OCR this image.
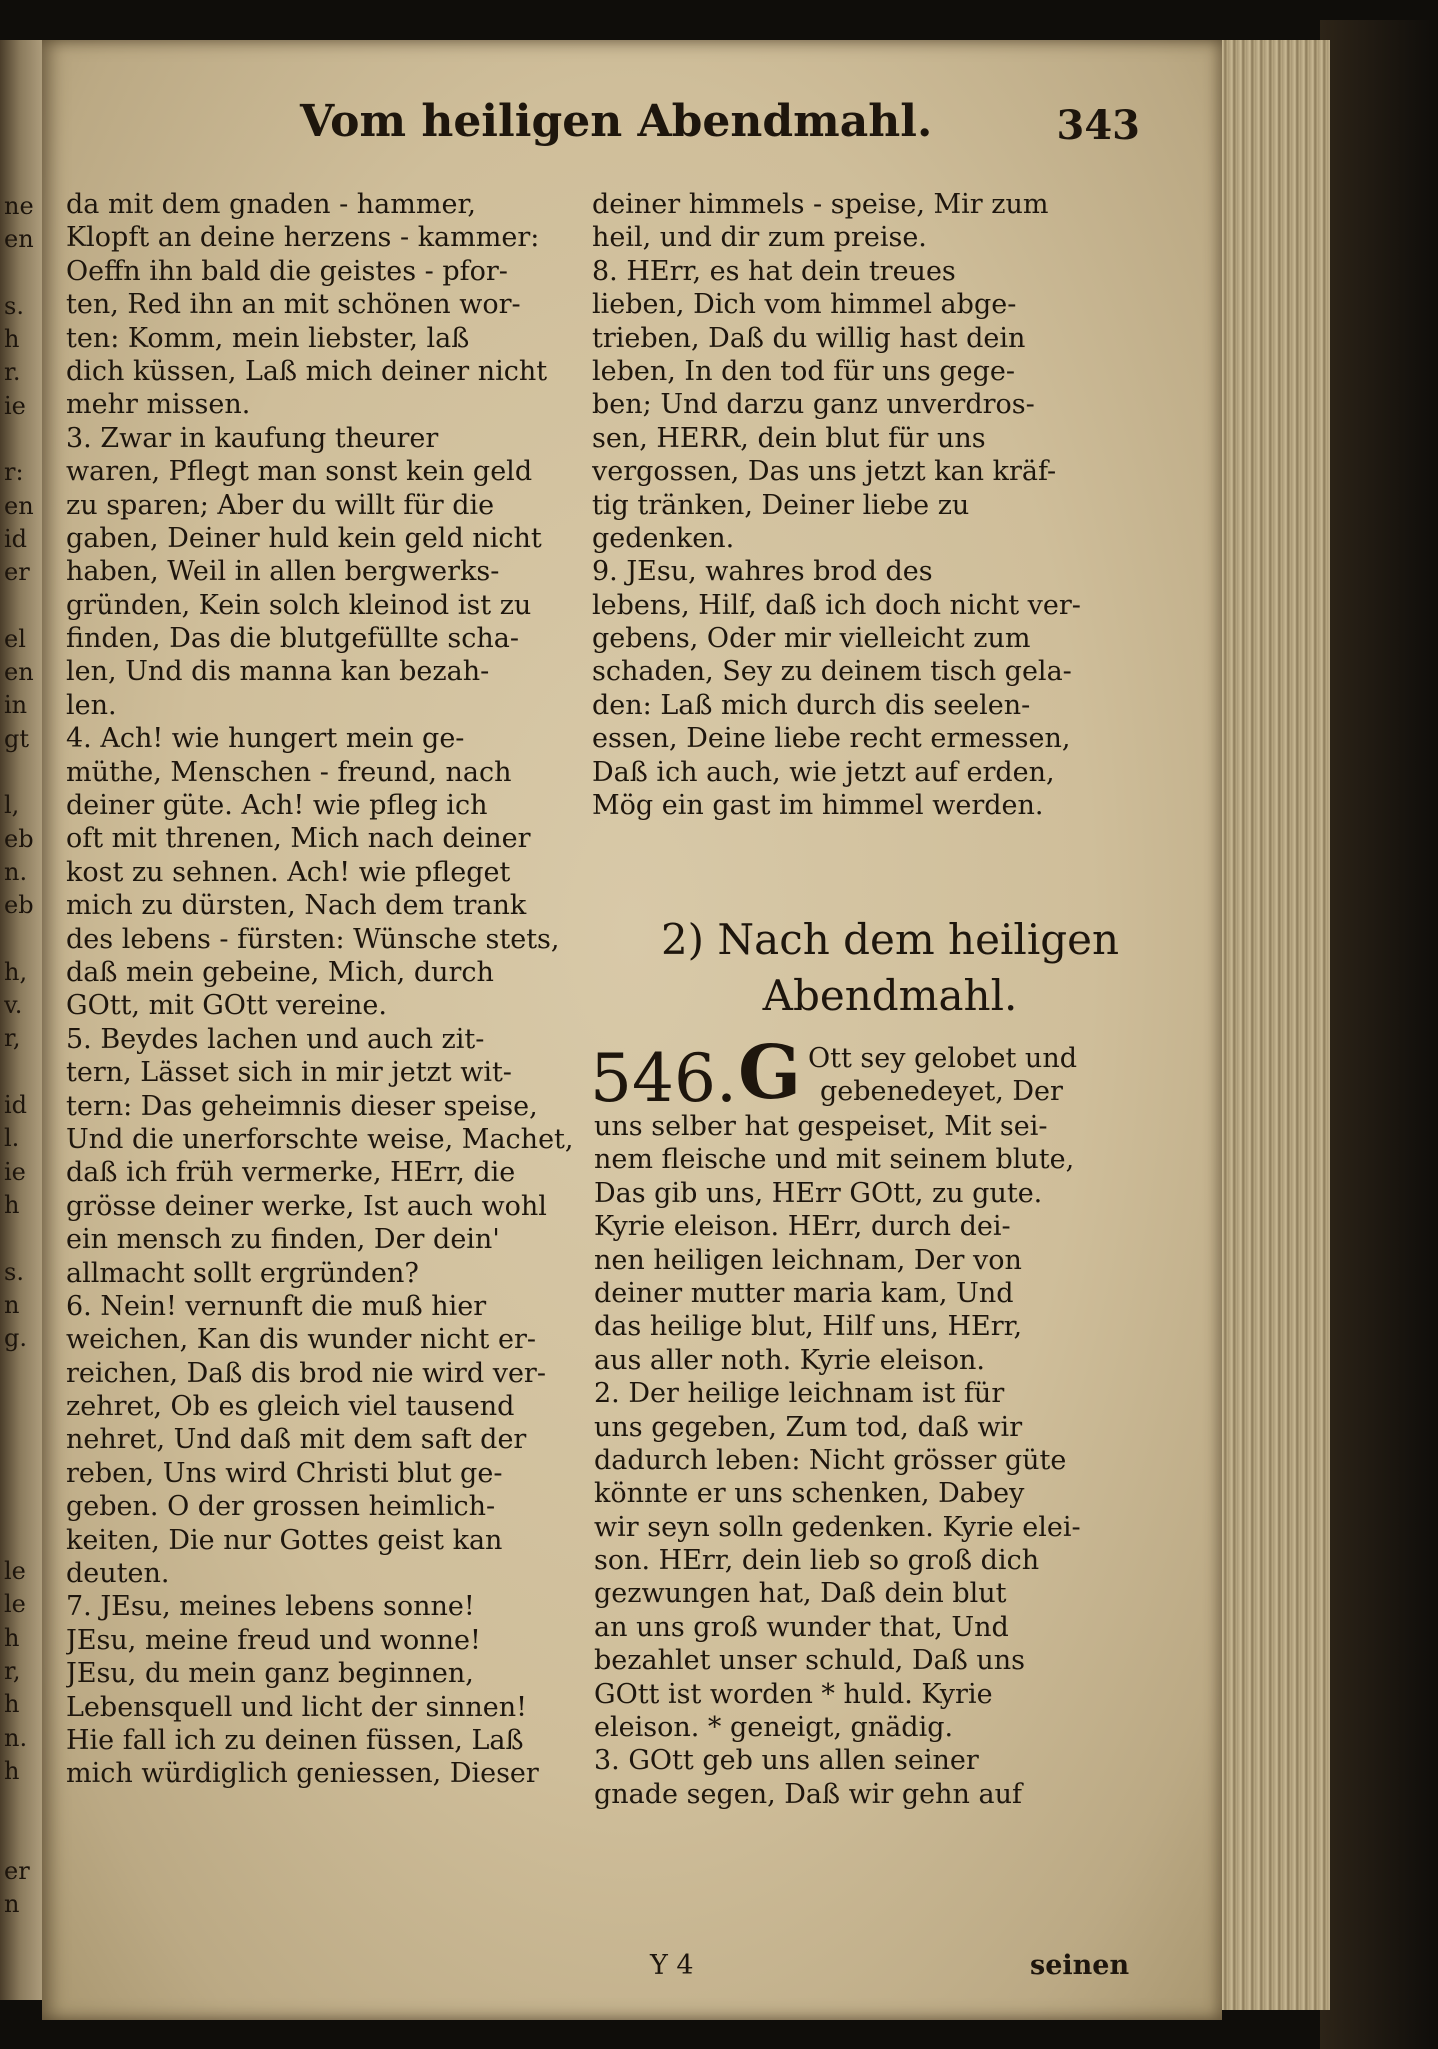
ne
en
s.
h
r.
ie
r:
en
id
er
el
en
in
gt
l,
eb
n.
eb
h,
v.
r,
id
l.
ie
h
s.
n
g.
le
le
h
r,
h
n.
h
er
n
Vom heiligen Abendmahl.	343
da mit dem gnaden - hammer,
Klopft an deine herzens - kammer:
Oeffn ihn bald die geistes - pfor-
ten, Red ihn an mit schönen wor-
ten: Komm, mein liebster, laß
dich küssen, Laß mich deiner nicht
mehr missen.
3. Zwar in kaufung theurer
waren, Pflegt man sonst kein geld
zu sparen; Aber du willt für die
gaben, Deiner huld kein geld nicht
haben, Weil in allen bergwerks-
gründen, Kein solch kleinod ist zu
finden, Das die blutgefüllte scha-
len, Und dis manna kan bezah-
len.
4. Ach! wie hungert mein ge-
müthe, Menschen - freund, nach
deiner güte. Ach! wie pfleg ich
oft mit threnen, Mich nach deiner
kost zu sehnen. Ach! wie pfleget
mich zu dürsten, Nach dem trank
des lebens - fürsten: Wünsche stets,
daß mein gebeine, Mich, durch
GOtt, mit GOtt vereine.
5. Beydes lachen und auch zit-
tern, Lässet sich in mir jetzt wit-
tern: Das geheimnis dieser speise,
Und die unerforschte weise, Machet,
daß ich früh vermerke, HErr, die
grösse deiner werke, Ist auch wohl
ein mensch zu finden, Der dein'
allmacht sollt ergründen?
6. Nein! vernunft die muß hier
weichen, Kan dis wunder nicht er-
reichen, Daß dis brod nie wird ver-
zehret, Ob es gleich viel tausend
nehret, Und daß mit dem saft der
reben, Uns wird Christi blut ge-
geben. O der grossen heimlich-
keiten, Die nur Gottes geist kan
deuten.
7. JEsu, meines lebens sonne!
JEsu, meine freud und wonne!
JEsu, du mein ganz beginnen,
Lebensquell und licht der sinnen!
Hie fall ich zu deinen füssen, Laß
mich würdiglich geniessen, Dieser
deiner himmels - speise, Mir zum
heil, und dir zum preise.
8. HErr, es hat dein treues
lieben, Dich vom himmel abge-
trieben, Daß du willig hast dein
leben, In den tod für uns gege-
ben; Und darzu ganz unverdros-
sen, HERR, dein blut für uns
vergossen, Das uns jetzt kan kräf-
tig tränken, Deiner liebe zu
gedenken.
9. JEsu, wahres brod des
lebens, Hilf, daß ich doch nicht ver-
gebens, Oder mir vielleicht zum
schaden, Sey zu deinem tisch gela-
den: Laß mich durch dis seelen-
essen, Deine liebe recht ermessen,
Daß ich auch, wie jetzt auf erden,
Mög ein gast im himmel werden.
2) Nach dem heiligen
Abendmahl.
546. G Ott sey gelobet und
gebenedeyet, Der
uns selber hat gespeiset, Mit sei-
nem fleische und mit seinem blute,
Das gib uns, HErr GOtt, zu gute.
Kyrie eleison. HErr, durch dei-
nen heiligen leichnam, Der von
deiner mutter maria kam, Und
das heilige blut, Hilf uns, HErr,
aus aller noth. Kyrie eleison.
2. Der heilige leichnam ist für
uns gegeben, Zum tod, daß wir
dadurch leben: Nicht grösser güte
könnte er uns schenken, Dabey
wir seyn solln gedenken. Kyrie elei-
son. HErr, dein lieb so groß dich
gezwungen hat, Daß dein blut
an uns groß wunder that, Und
bezahlet unser schuld, Daß uns
GOtt ist worden * huld. Kyrie
eleison. * geneigt, gnädig.
3. GOtt geb uns allen seiner
gnade segen, Daß wir gehn auf
Y 4	seinen
